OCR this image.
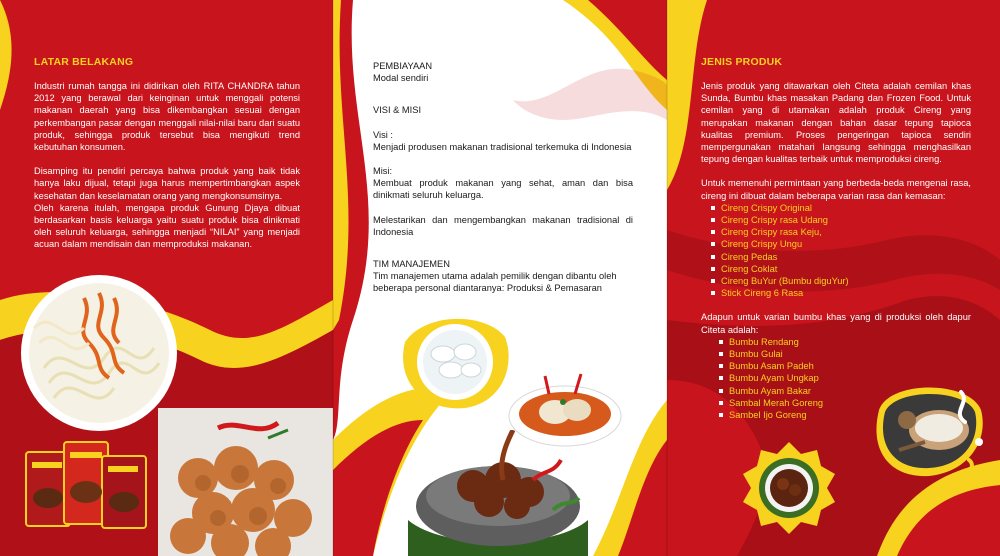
LATAR BELAKANG

Industri rumah tangga ini didirikan oleh RITA CHANDRA tahun 2012 yang berawal dari keinginan untuk menggali potensi makanan daerah yang bisa dikembangkan sesuai dengan perkembangan pasar dengan menggali nilai-nilai baru dari suatu produk, sehingga produk tersebut bisa mengikuti trend kebutuhan konsumen.

Disamping itu pendiri percaya bahwa produk yang baik tidak hanya laku dijual, tetapi juga harus mempertimbangkan aspek kesehatan dan keselamatan orang yang mengkonsumsinya.

Oleh karena itulah, mengapa produk Gunung Djaya dibuat berdasarkan basis keluarga yaitu suatu produk bisa dinikmati oleh seluruh keluarga, sehingga menjadi “NILAI” yang menjadi acuan dalam mendisain dan memproduksi makanan.

PEMBIAYAAN

Modal sendiri

VISI & MISI

Visi :

Menjadi produsen makanan tradisional terkemuka di Indonesia

Misi:

Membuat produk makanan yang sehat, aman dan bisa dinikmati seluruh keluarga.

Melestarikan dan mengembangkan makanan tradisional di Indonesia

TIM MANAJEMEN

Tim manajemen utama adalah pemilik dengan dibantu oleh beberapa personal diantaranya: Produksi & Pemasaran

JENIS PRODUK

Jenis produk yang ditawarkan oleh Citeta adalah cemilan khas Sunda, Bumbu khas masakan Padang dan Frozen Food. Untuk cemilan yang di utamakan adalah produk Cireng yang merupakan makanan dengan bahan dasar tepung tapioca kualitas premium. Proses pengeringan tapioca sendiri mempergunakan matahari langsung sehingga menghasilkan tepung dengan kualitas terbaik untuk memproduksi cireng.

Untuk memenuhi permintaan yang berbeda-beda mengenai rasa, cireng ini dibuat dalam beberapa varian rasa dan kemasan:

Cireng Crispy Original
Cireng Crispy rasa Udang
Cireng Crispy rasa Keju,
Cireng Crispy Ungu
Cireng Pedas
Cireng Coklat
Cireng BuYur (Bumbu diguYur)
Stick Cireng 6 Rasa

Adapun untuk varian bumbu khas yang di produksi oleh dapur Citeta adalah:

Bumbu Rendang
Bumbu Gulai
Bumbu Asam Padeh
Bumbu Ayam Ungkap
Bumbu Ayam Bakar
Sambal Merah Goreng
Sambel Ijo Goreng
